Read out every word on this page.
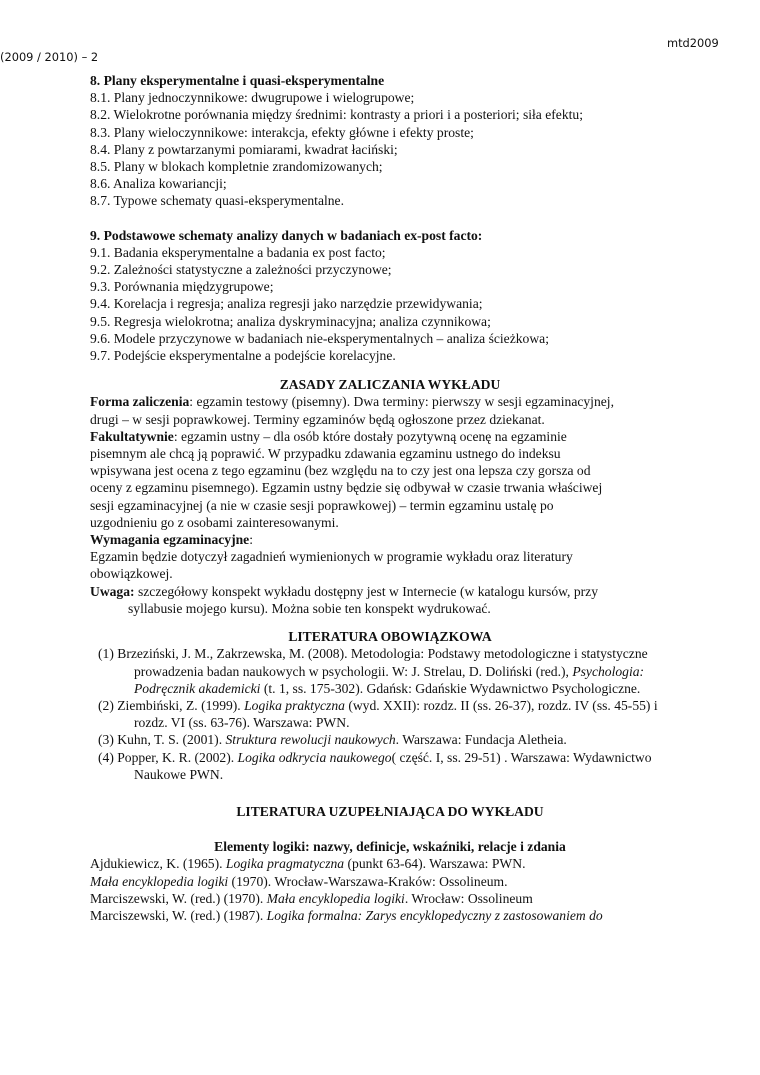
(2009 / 2010) – 2
mtd2009
8. Plany eksperymentalne i quasi-eksperymentalne
8.1. Plany jednoczynnikowe: dwugrupowe i wielogrupowe;
8.2. Wielokrotne porównania między średnimi: kontrasty a priori i a posteriori; siła efektu;
8.3. Plany wieloczynnikowe: interakcja, efekty główne i efekty proste;
8.4. Plany z powtarzanymi pomiarami, kwadrat łaciński;
8.5. Plany w blokach kompletnie zrandomizowanych;
8.6. Analiza kowariancji;
8.7. Typowe schematy quasi-eksperymentalne.
9. Podstawowe schematy analizy danych w badaniach ex-post facto:
9.1. Badania eksperymentalne a badania ex post facto;
9.2. Zależności statystyczne a zależności przyczynowe;
9.3. Porównania międzygrupowe;
9.4. Korelacja i regresja; analiza regresji jako narzędzie przewidywania;
9.5. Regresja wielokrotna; analiza dyskryminacyjna; analiza czynnikowa;
9.6. Modele przyczynowe w badaniach nie-eksperymentalnych – analiza ścieżkowa;
9.7. Podejście eksperymentalne a podejście korelacyjne.
ZASADY ZALICZANIA WYKŁADU
Forma zaliczenia: egzamin testowy (pisemny). Dwa terminy: pierwszy w sesji egzaminacyjnej,
drugi – w sesji poprawkowej. Terminy egzaminów będą ogłoszone przez dziekanat.
Fakultatywnie: egzamin ustny – dla osób które dostały pozytywną ocenę na egzaminie
pisemnym ale chcą ją poprawić. W przypadku zdawania egzaminu ustnego do indeksu
wpisywana jest ocena z tego egzaminu (bez względu na to czy jest ona lepsza czy gorsza od
oceny z egzaminu pisemnego). Egzamin ustny będzie się odbywał w czasie trwania właściwej
sesji egzaminacyjnej (a nie w czasie sesji poprawkowej) – termin egzaminu ustalę po
uzgodnieniu go z osobami zainteresowanymi.
Wymagania egzaminacyjne:
Egzamin będzie dotyczył zagadnień wymienionych w programie wykładu oraz literatury
obowiązkowej.
Uwaga: szczegółowy konspekt wykładu dostępny jest w Internecie (w katalogu kursów, przy
syllabusie mojego kursu). Można sobie ten konspekt wydrukować.
LITERATURA OBOWIĄZKOWA
(1) Brzeziński, J. M., Zakrzewska, M. (2008). Metodologia: Podstawy metodologiczne i statystyczne prowadzenia badan naukowych w psychologii. W: J. Strelau, D. Doliński (red.), Psychologia: Podręcznik akademicki (t. 1, ss. 175-302). Gdańsk: Gdańskie Wydawnictwo Psychologiczne.
(2) Ziembiński, Z. (1999). Logika praktyczna (wyd. XXII): rozdz. II (ss. 26-37), rozdz. IV (ss. 45-55) i rozdz. VI (ss. 63-76). Warszawa: PWN.
(3) Kuhn, T. S. (2001). Struktura rewolucji naukowych. Warszawa: Fundacja Aletheia.
(4) Popper, K. R. (2002). Logika odkrycia naukowego( część. I, ss. 29-51) . Warszawa: Wydawnictwo Naukowe PWN.
LITERATURA UZUPEŁNIAJĄCA DO WYKŁADU
Elementy logiki: nazwy, definicje, wskaźniki, relacje i zdania
Ajdukiewicz, K. (1965). Logika pragmatyczna (punkt 63-64). Warszawa: PWN.
Mała encyklopedia logiki (1970). Wrocław-Warszawa-Kraków: Ossolineum.
Marciszewski, W. (red.) (1970). Mała encyklopedia logiki. Wrocław: Ossolineum
Marciszewski, W. (red.) (1987). Logika formalna: Zarys encyklopedyczny z zastosowaniem do
